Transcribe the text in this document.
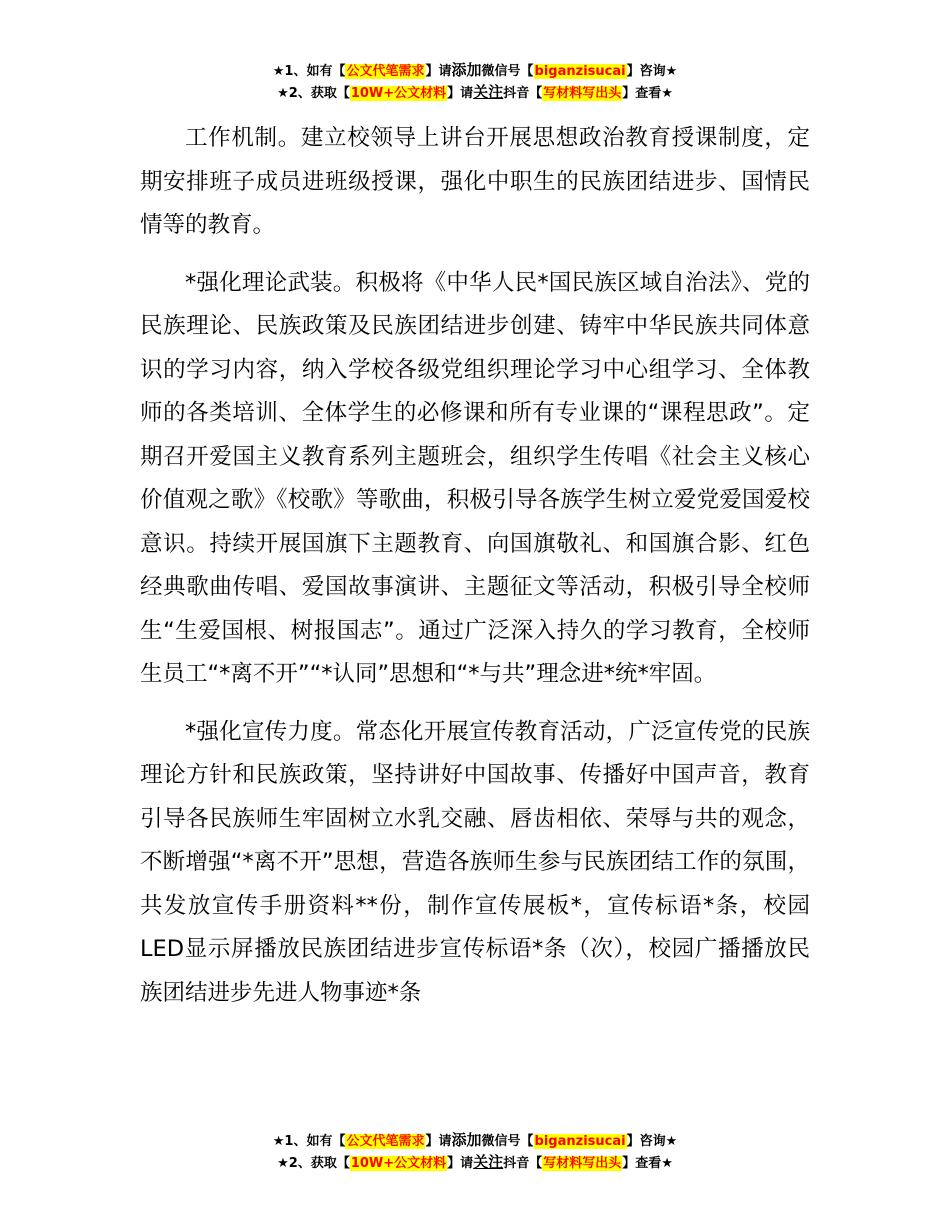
★1、如有【公文代笔需求】请添加微信号【biganzisucai】咨询★
★2、获取【10W+公文材料】请关注抖音【写材料写出头】查看★

工作机制。建立校领导上讲台开展思想政治教育授课制度，定期安排班子成员进班级授课，强化中职生的民族团结进步、国情民情等的教育。

*强化理论武装。积极将《中华人民*国民族区域自治法》、党的民族理论、民族政策及民族团结进步创建、铸牢中华民族共同体意识的学习内容，纳入学校各级党组织理论学习中心组学习、全体教师的各类培训、全体学生的必修课和所有专业课的“课程思政”。定期召开爱国主义教育系列主题班会，组织学生传唱《社会主义核心价值观之歌》《校歌》等歌曲，积极引导各族学生树立爱党爱国爱校意识。持续开展国旗下主题教育、向国旗敬礼、和国旗合影、红色经典歌曲传唱、爱国故事演讲、主题征文等活动，积极引导全校师生“生爱国根、树报国志”。通过广泛深入持久的学习教育，全校师生员工“*离不开”“*认同”思想和“*与共”理念进*统*牢固。

*强化宣传力度。常态化开展宣传教育活动，广泛宣传党的民族理论方针和民族政策，坚持讲好中国故事、传播好中国声音，教育引导各民族师生牢固树立水乳交融、唇齿相依、荣辱与共的观念，不断增强“*离不开”思想，营造各族师生参与民族团结工作的氛围，共发放宣传手册资料**份，制作宣传展板*，宣传标语*条，校园LED显示屏播放民族团结进步宣传标语*条（次），校园广播播放民族团结进步先进人物事迹*条

★1、如有【公文代笔需求】请添加微信号【biganzisucai】咨询★
★2、获取【10W+公文材料】请关注抖音【写材料写出头】查看★
